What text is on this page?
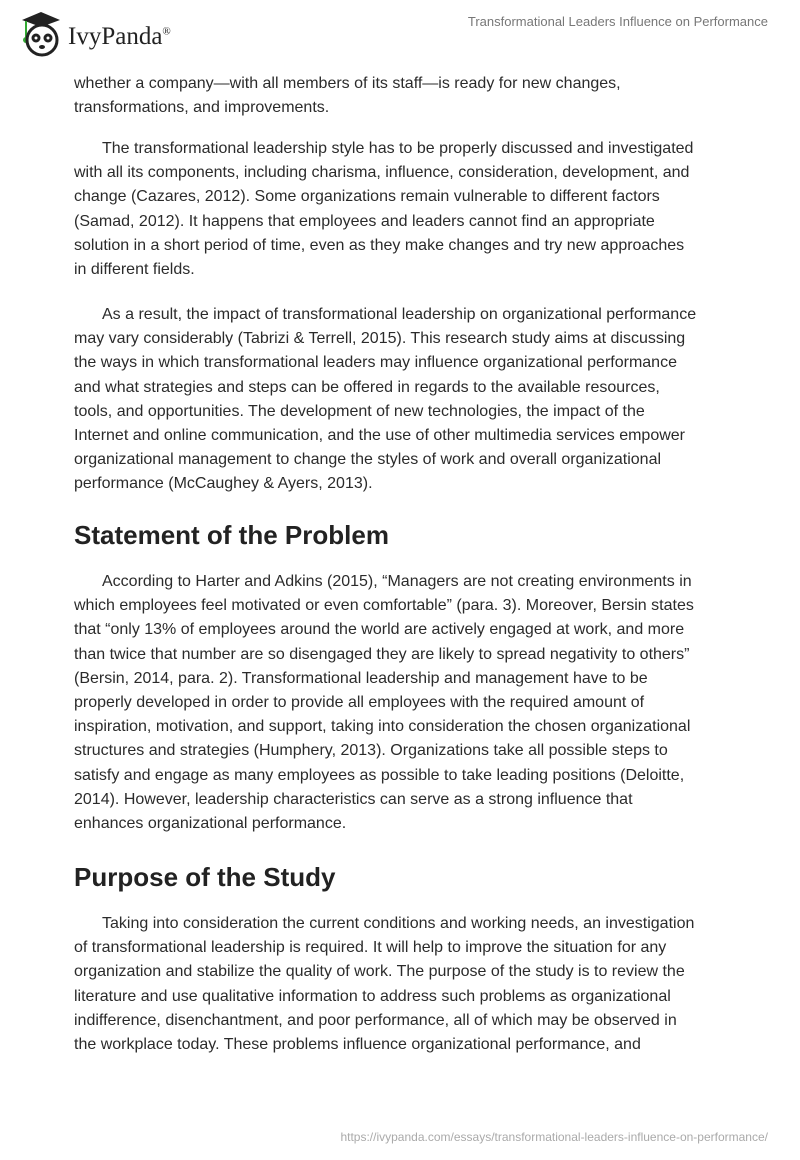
IvyPanda®
Transformational Leaders Influence on Performance
whether a company—with all members of its staff—is ready for new changes,
transformations, and improvements.
The transformational leadership style has to be properly discussed and investigated
with all its components, including charisma, influence, consideration, development, and
change (Cazares, 2012). Some organizations remain vulnerable to different factors
(Samad, 2012). It happens that employees and leaders cannot find an appropriate
solution in a short period of time, even as they make changes and try new approaches
in different fields.
As a result, the impact of transformational leadership on organizational performance
may vary considerably (Tabrizi & Terrell, 2015). This research study aims at discussing
the ways in which transformational leaders may influence organizational performance
and what strategies and steps can be offered in regards to the available resources,
tools, and opportunities. The development of new technologies, the impact of the
Internet and online communication, and the use of other multimedia services empower
organizational management to change the styles of work and overall organizational
performance (McCaughey & Ayers, 2013).
Statement of the Problem
According to Harter and Adkins (2015), “Managers are not creating environments in
which employees feel motivated or even comfortable” (para. 3). Moreover, Bersin states
that “only 13% of employees around the world are actively engaged at work, and more
than twice that number are so disengaged they are likely to spread negativity to others”
(Bersin, 2014, para. 2). Transformational leadership and management have to be
properly developed in order to provide all employees with the required amount of
inspiration, motivation, and support, taking into consideration the chosen organizational
structures and strategies (Humphery, 2013). Organizations take all possible steps to
satisfy and engage as many employees as possible to take leading positions (Deloitte,
2014). However, leadership characteristics can serve as a strong influence that
enhances organizational performance.
Purpose of the Study
Taking into consideration the current conditions and working needs, an investigation
of transformational leadership is required. It will help to improve the situation for any
organization and stabilize the quality of work. The purpose of the study is to review the
literature and use qualitative information to address such problems as organizational
indifference, disenchantment, and poor performance, all of which may be observed in
the workplace today. These problems influence organizational performance, and
https://ivypanda.com/essays/transformational-leaders-influence-on-performance/
